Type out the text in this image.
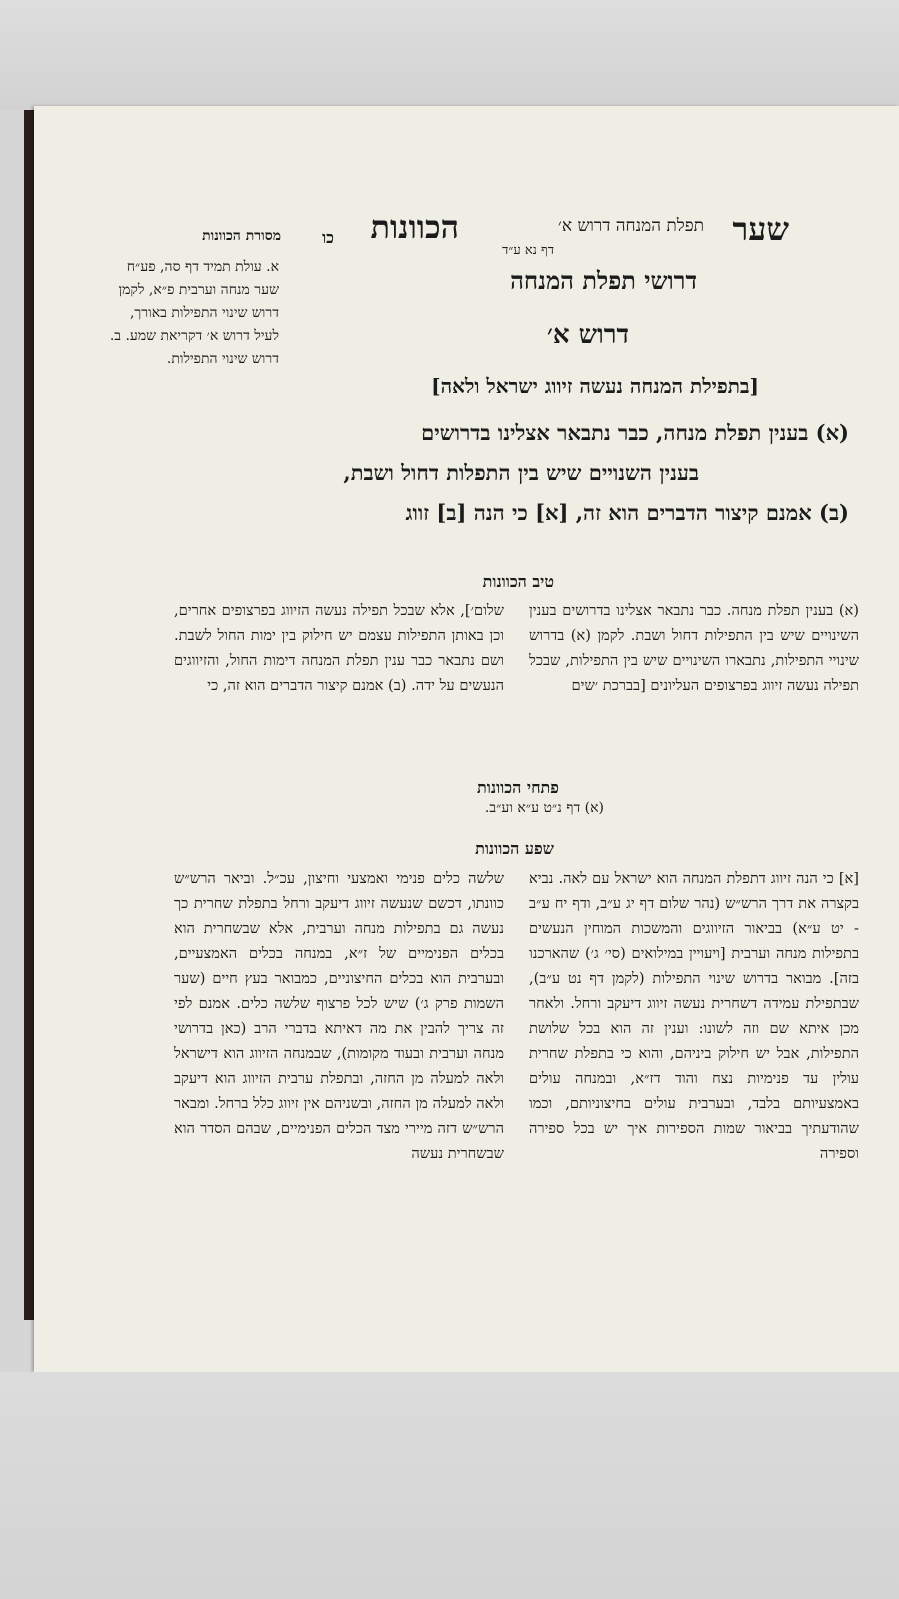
שער
תפלת המנחה דרוש א׳
דף נא ע״ד
הכוונות
כו
דרושי תפלת המנחה
דרוש א׳
[בתפילת המנחה נעשה זיווג ישראל ולאה]
(א) בענין תפלת מנחה, כבר נתבאר אצלינו בדרושים
בענין השנויים שיש בין התפלות דחול ושבת,
(ב) אמנם קיצור הדברים הוא זה, [א] כי הנה [ב] זווג
מסורת הכוונות
א. עולת תמיד דף סה, פע״ח שער מנחה וערבית פ״א, לקמן דרוש שינוי התפילות באורך, לעיל דרוש א׳ דקריאת שמע. ב. דרוש שינוי התפילות.
טיב הכוונות
(א) בענין תפלת מנחה. כבר נתבאר אצלינו בדרושים בענין השינויים שיש בין התפילות דחול ושבת. לקמן (א) בדרוש שינויי התפילות, נתבארו השינויים שיש בין התפילות, שבכל תפילה נעשה זיווג בפרצופים העליונים [בברכת ׳שים
שלום׳], אלא שבכל תפילה נעשה הזיווג בפרצופים אחרים, וכן באותן התפילות עצמם יש חילוק בין ימות החול לשבת. ושם נתבאר כבר ענין תפלת המנחה דימות החול, והזיווגים הנעשים על ידה. (ב) אמנם קיצור הדברים הוא זה, כי
פתחי הכוונות
(א) דף נ״ט ע״א וע״ב.
שפע הכוונות
[א] כי הנה זיווג דתפלת המנחה הוא ישראל עם לאה. נביא בקצרה את דרך הרש״ש (נהר שלום דף יג ע״ב, ודף יח ע״ב - יט ע״א) בביאור הזיווגים והמשכות המוחין הנעשים בתפילות מנחה וערבית [ויעויין במילואים (סי׳ ג׳) שהארכנו בזה]. מבואר בדרוש שינוי התפילות (לקמן דף נט ע״ב), שבתפילת עמידה דשחרית נעשה זיווג דיעקב ורחל. ולאחר מכן איתא שם וזה לשונו: וענין זה הוא בכל שלושת התפילות, אבל יש חילוק ביניהם, והוא כי בתפלת שחרית עולין עד פנימיות נצח והוד דז״א, ובמנחה עולים באמצעיותם בלבד, ובערבית עולים בחיצוניותם, וכמו שהודעתיך בביאור שמות הספירות איך יש בכל ספירה וספירה
שלשה כלים פנימי ואמצעי וחיצון, עכ״ל. וביאר הרש״ש כוונתו, דכשם שנעשה זיווג דיעקב ורחל בתפלת שחרית כך נעשה גם בתפילות מנחה וערבית, אלא שבשחרית הוא בכלים הפנימיים של ז״א, במנחה בכלים האמצעיים, ובערבית הוא בכלים החיצוניים, כמבואר בעץ חיים (שער השמות פרק ג׳) שיש לכל פרצוף שלשה כלים. אמנם לפי זה צריך להבין את מה דאיתא בדברי הרב (כאן בדרושי מנחה וערבית ובעוד מקומות), שבמנחה הזיווג הוא דישראל ולאה למעלה מן החזה, ובתפלת ערבית הזיווג הוא דיעקב ולאה למעלה מן החזה, ובשניהם אין זיווג כלל ברחל. ומבאר הרש״ש דזה מיירי מצד הכלים הפנימיים, שבהם הסדר הוא שבשחרית נעשה
